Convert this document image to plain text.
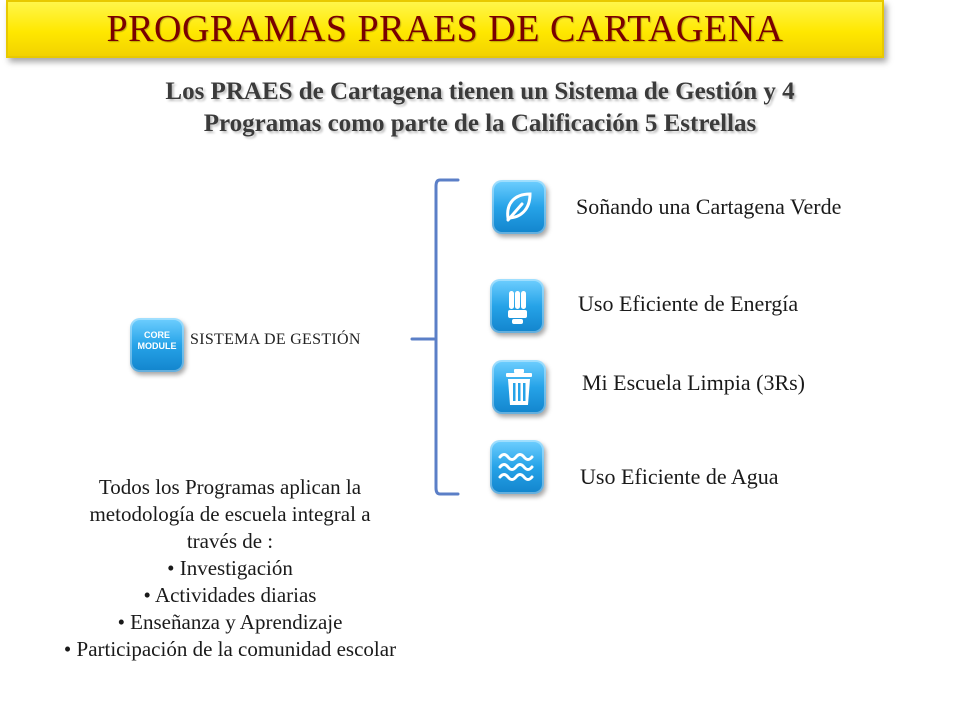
PROGRAMAS PRAES DE CARTAGENA
Los PRAES de Cartagena tienen un Sistema de Gestión y 4
Programas como parte de la Calificación 5 Estrellas
CORE
MODULE SISTEMA DE GESTIÓN
Soñando una Cartagena Verde
Uso Eficiente de Energía
Mi Escuela Limpia (3Rs)
Uso Eficiente de Agua
Todos los Programas aplican la
metodología de escuela integral a
través de :
• Investigación
• Actividades diarias
• Enseñanza y Aprendizaje
• Participación de la comunidad escolar
